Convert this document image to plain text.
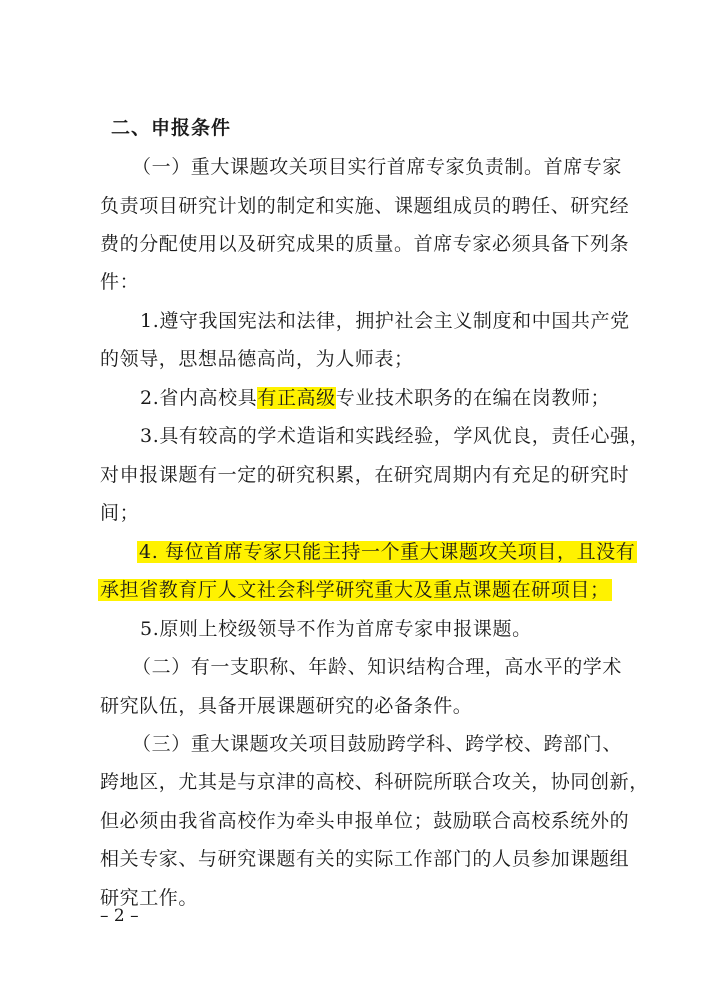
二、申报条件
（一）重大课题攻关项目实行首席专家负责制。首席专家
负责项目研究计划的制定和实施、课题组成员的聘任、研究经
费的分配使用以及研究成果的质量。首席专家必须具备下列条
件：
1.遵守我国宪法和法律，拥护社会主义制度和中国共产党
的领导，思想品德高尚，为人师表；
2.省内高校具有正高级专业技术职务的在编在岗教师；
3.具有较高的学术造诣和实践经验，学风优良，责任心强，
对申报课题有一定的研究积累，在研究周期内有充足的研究时
间；
4. 每位首席专家只能主持一个重大课题攻关项目，且没有
承担省教育厅人文社会科学研究重大及重点课题在研项目；
5.原则上校级领导不作为首席专家申报课题。
（二）有一支职称、年龄、知识结构合理，高水平的学术
研究队伍，具备开展课题研究的必备条件。
（三）重大课题攻关项目鼓励跨学科、跨学校、跨部门、
跨地区，尤其是与京津的高校、科研院所联合攻关，协同创新，
但必须由我省高校作为牵头申报单位；鼓励联合高校系统外的
相关专家、与研究课题有关的实际工作部门的人员参加课题组
研究工作。
– 2 –
